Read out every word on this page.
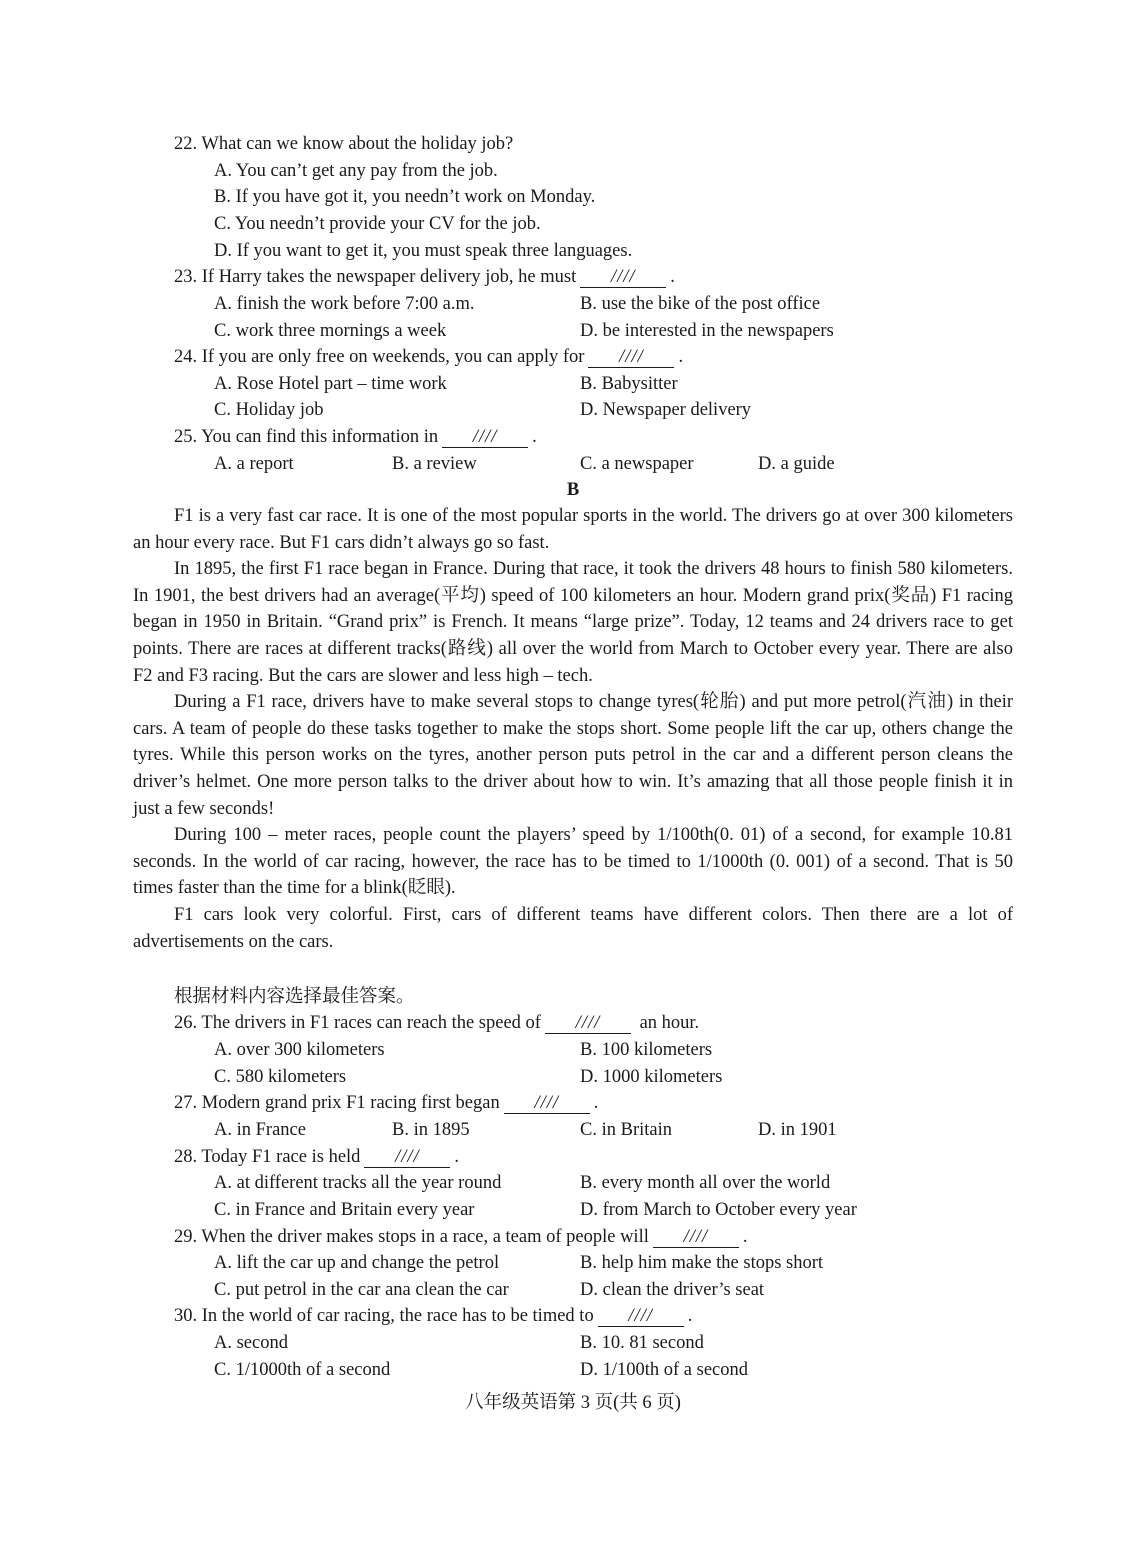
22. What can we know about the holiday job?
A. You can’t get any pay from the job.
B. If you have got it, you needn’t work on Monday.
C. You needn’t provide your CV for the job.
D. If you want to get it, you must speak three languages.
23. If Harry takes the newspaper delivery job, he must //// .
A. finish the work before 7:00 a.m.	B. use the bike of the post office
C. work three mornings a week	D. be interested in the newspapers
24. If you are only free on weekends, you can apply for //// .
A. Rose Hotel part – time work	B. Babysitter
C. Holiday job	D. Newspaper delivery
25. You can find this information in //// .
A. a report	B. a review	C. a newspaper	D. a guide
B

F1 is a very fast car race. It is one of the most popular sports in the world. The drivers go at over 300 kilometers an hour every race. But F1 cars didn’t always go so fast.

In 1895, the first F1 race began in France. During that race, it took the drivers 48 hours to finish 580 kilometers. In 1901, the best drivers had an average(平均) speed of 100 kilometers an hour. Modern grand prix(奖品) F1 racing began in 1950 in Britain. “Grand prix” is French. It means “large prize”. Today, 12 teams and 24 drivers race to get points. There are races at different tracks(路线) all over the world from March to October every year. There are also F2 and F3 racing. But the cars are slower and less high – tech.

During a F1 race, drivers have to make several stops to change tyres(轮胎) and put more petrol(汽油) in their cars. A team of people do these tasks together to make the stops short. Some people lift the car up, others change the tyres. While this person works on the tyres, another person puts petrol in the car and a different person cleans the driver’s helmet. One more person talks to the driver about how to win. It’s amazing that all those people finish it in just a few seconds!

During 100 – meter races, people count the players’ speed by 1/100th(0. 01) of a second, for example 10.81 seconds. In the world of car racing, however, the race has to be timed to 1/1000th (0. 001) of a second. That is 50 times faster than the time for a blink(眨眼).

F1 cars look very colorful. First, cars of different teams have different colors. Then there are a lot of advertisements on the cars.

根据材料内容选择最佳答案。
26. The drivers in F1 races can reach the speed of //// an hour.
A. over 300 kilometers	B. 100 kilometers
C. 580 kilometers	D. 1000 kilometers
27. Modern grand prix F1 racing first began //// .
A. in France	B. in 1895	C. in Britain	D. in 1901
28. Today F1 race is held //// .
A. at different tracks all the year round	B. every month all over the world
C. in France and Britain every year	D. from March to October every year
29. When the driver makes stops in a race, a team of people will //// .
A. lift the car up and change the petrol	B. help him make the stops short
C. put petrol in the car ana clean the car	D. clean the driver’s seat
30. In the world of car racing, the race has to be timed to //// .
A. second	B. 10. 81 second
C. 1/1000th of a second	D. 1/100th of a second
八年级英语第 3 页(共 6 页)
